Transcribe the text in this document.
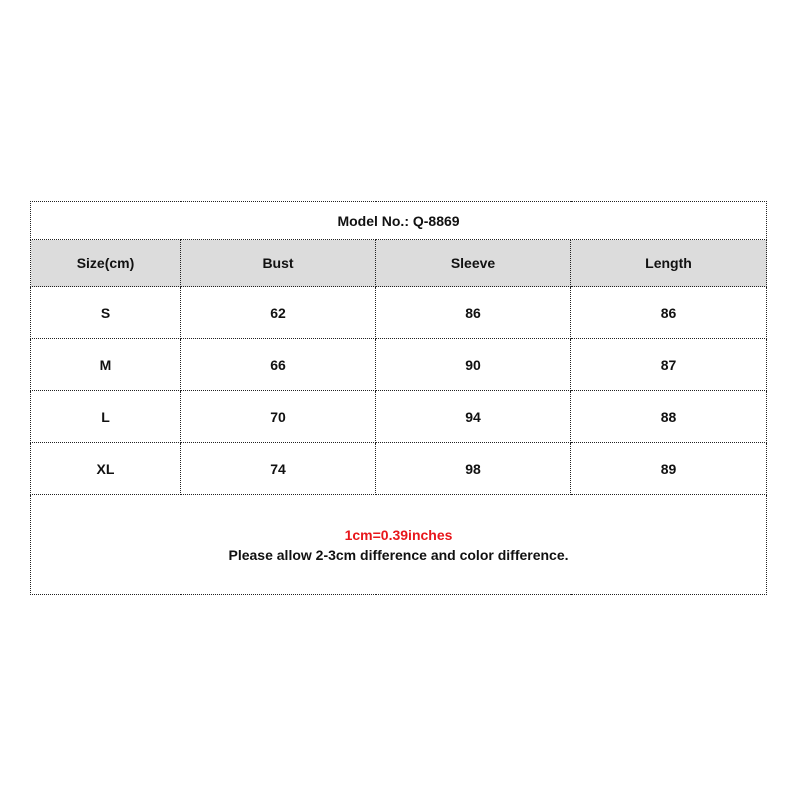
Model No.: Q-8869			
Size(cm)	Bust	Sleeve	Length
S	62	86	86
M	66	90	87
L	70	94	88
XL	74	98	89

1cm=0.39inches
Please allow 2-3cm difference and color difference.			
